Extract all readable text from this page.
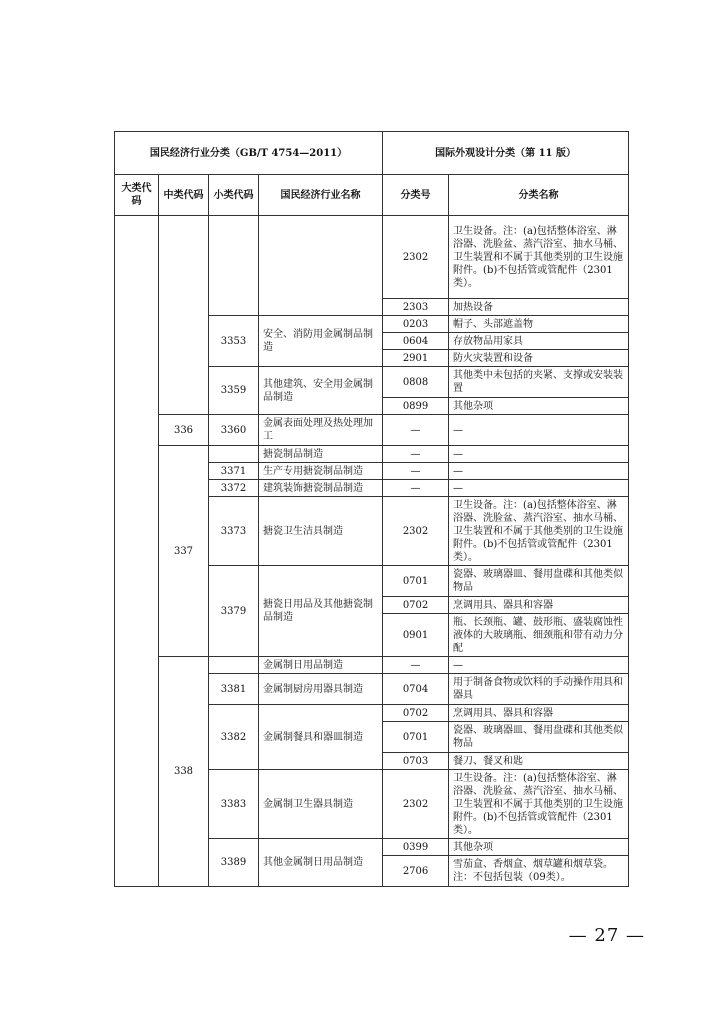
国民经济行业分类（GB/T 4754—2011）				国际外观设计分类（第 11 版）	
大类代码	中类代码	小类代码	国民经济行业名称	分类号	分类名称
				2302	卫生设备。注：(a)包括整体浴室、淋浴器、洗脸盆、蒸汽浴室、抽水马桶、卫生装置和不属于其他类别的卫生设施附件。(b)不包括管或管配件（2301类）。
				2303	加热设备
		3353	安全、消防用金属制品制造	0203	帽子、头部遮盖物
				0604	存放物品用家具
				2901	防火灾装置和设备
		3359	其他建筑、安全用金属制品制造	0808	其他类中未包括的夹紧、支撑或安装装置
				0899	其他杂项
	336	3360	金属表面处理及热处理加工	—	—
	337		搪瓷制品制造	—	—
		3371	生产专用搪瓷制品制造	—	—
		3372	建筑装饰搪瓷制品制造	—	—
		3373	搪瓷卫生洁具制造	2302	卫生设备。注：(a)包括整体浴室、淋浴器、洗脸盆、蒸汽浴室、抽水马桶、卫生装置和不属于其他类别的卫生设施附件。(b)不包括管或管配件（2301类）。
		3379	搪瓷日用品及其他搪瓷制品制造	0701	瓷器、玻璃器皿、餐用盘碟和其他类似物品
				0702	烹调用具、器具和容器
				0901	瓶、长颈瓶、罐、鼓形瓶、盛装腐蚀性液体的大玻璃瓶、细颈瓶和带有动力分配
	338		金属制日用品制造	—	—
		3381	金属制厨房用器具制造	0704	用于制备食物或饮料的手动操作用具和器具
		3382	金属制餐具和器皿制造	0702	烹调用具、器具和容器
				0701	瓷器、玻璃器皿、餐用盘碟和其他类似物品
				0703	餐刀、餐叉和匙
		3383	金属制卫生器具制造	2302	卫生设备。注：(a)包括整体浴室、淋浴器、洗脸盆、蒸汽浴室、抽水马桶、卫生装置和不属于其他类别的卫生设施附件。(b)不包括管或管配件（2301类）。
		3389	其他金属制日用品制造	0399	其他杂项
				2706	雪茄盒、香烟盒、烟草罐和烟草袋。注：不包括包装（09类）。
— 27 —
